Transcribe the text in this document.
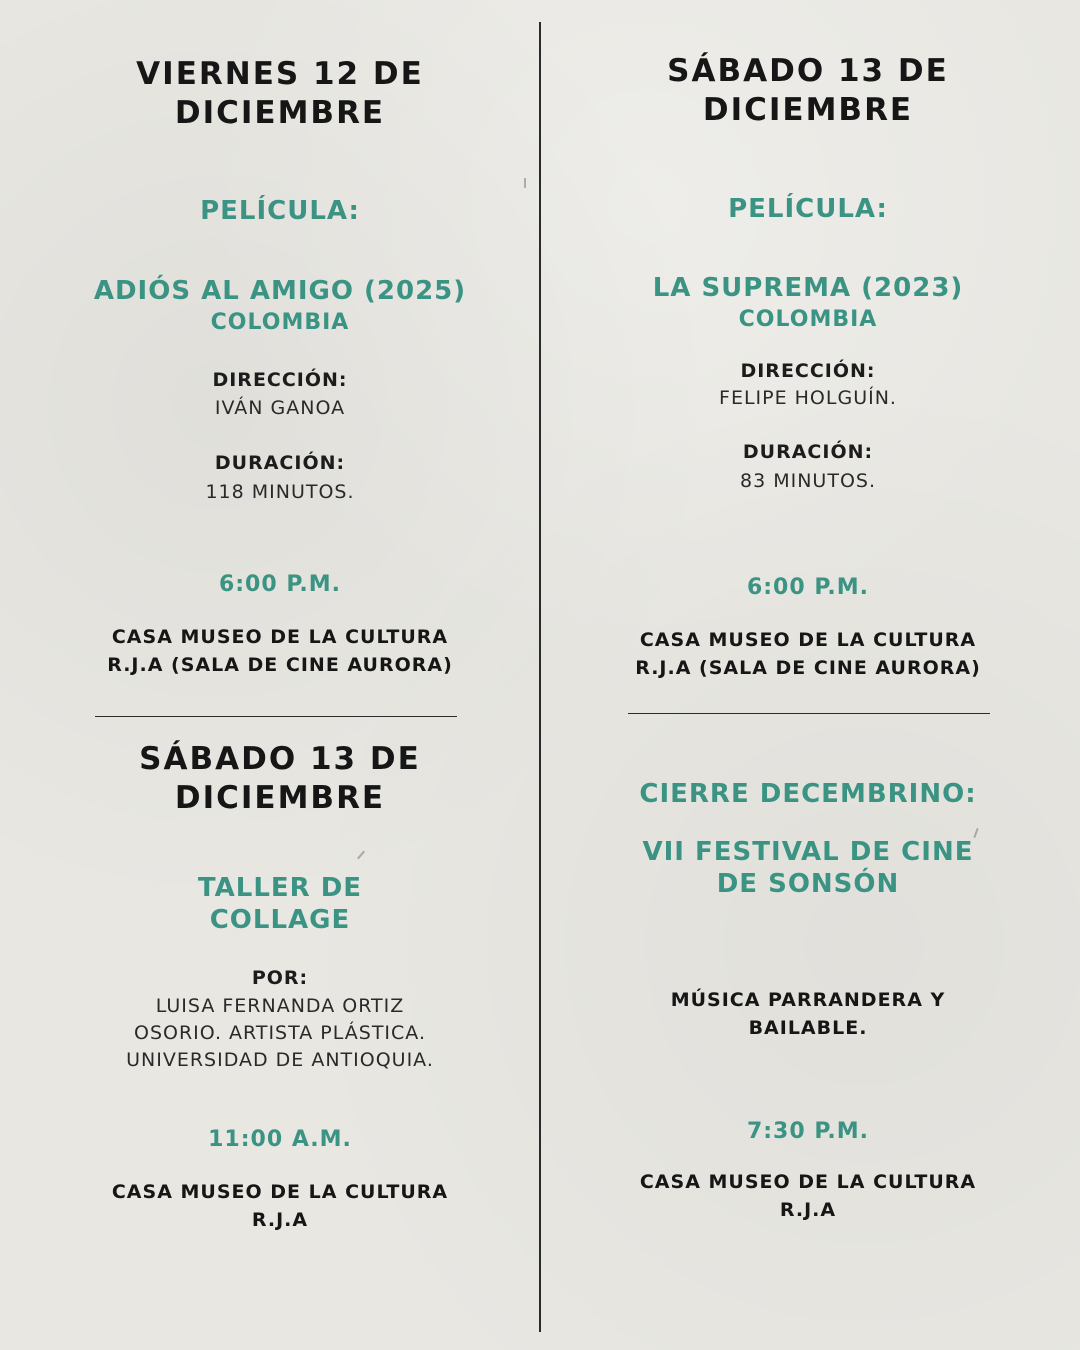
VIERNES 12 DE
DICIEMBRE

PELÍCULA:

ADIÓS AL AMIGO (2025)

COLOMBIA

DIRECCIÓN:

IVÁN GANOA

DURACIÓN:

118 MINUTOS.

6:00 P.M.

CASA MUSEO DE LA CULTURA
R.J.A (SALA DE CINE AURORA)

SÁBADO 13 DE
DICIEMBRE

PELÍCULA:

LA SUPREMA (2023)

COLOMBIA

DIRECCIÓN:

FELIPE HOLGUÍN.

DURACIÓN:

83 MINUTOS.

6:00 P.M.

CASA MUSEO DE LA CULTURA
R.J.A (SALA DE CINE AURORA)

SÁBADO 13 DE
DICIEMBRE

TALLER DE
COLLAGE

POR:

LUISA FERNANDA ORTIZ
OSORIO. ARTISTA PLÁSTICA.
UNIVERSIDAD DE ANTIOQUIA.

11:00 A.M.

CASA MUSEO DE LA CULTURA
R.J.A

CIERRE DECEMBRINO:

VII FESTIVAL DE CINE
DE SONSÓN

MÚSICA PARRANDERA Y
BAILABLE.

7:30 P.M.

CASA MUSEO DE LA CULTURA
R.J.A
